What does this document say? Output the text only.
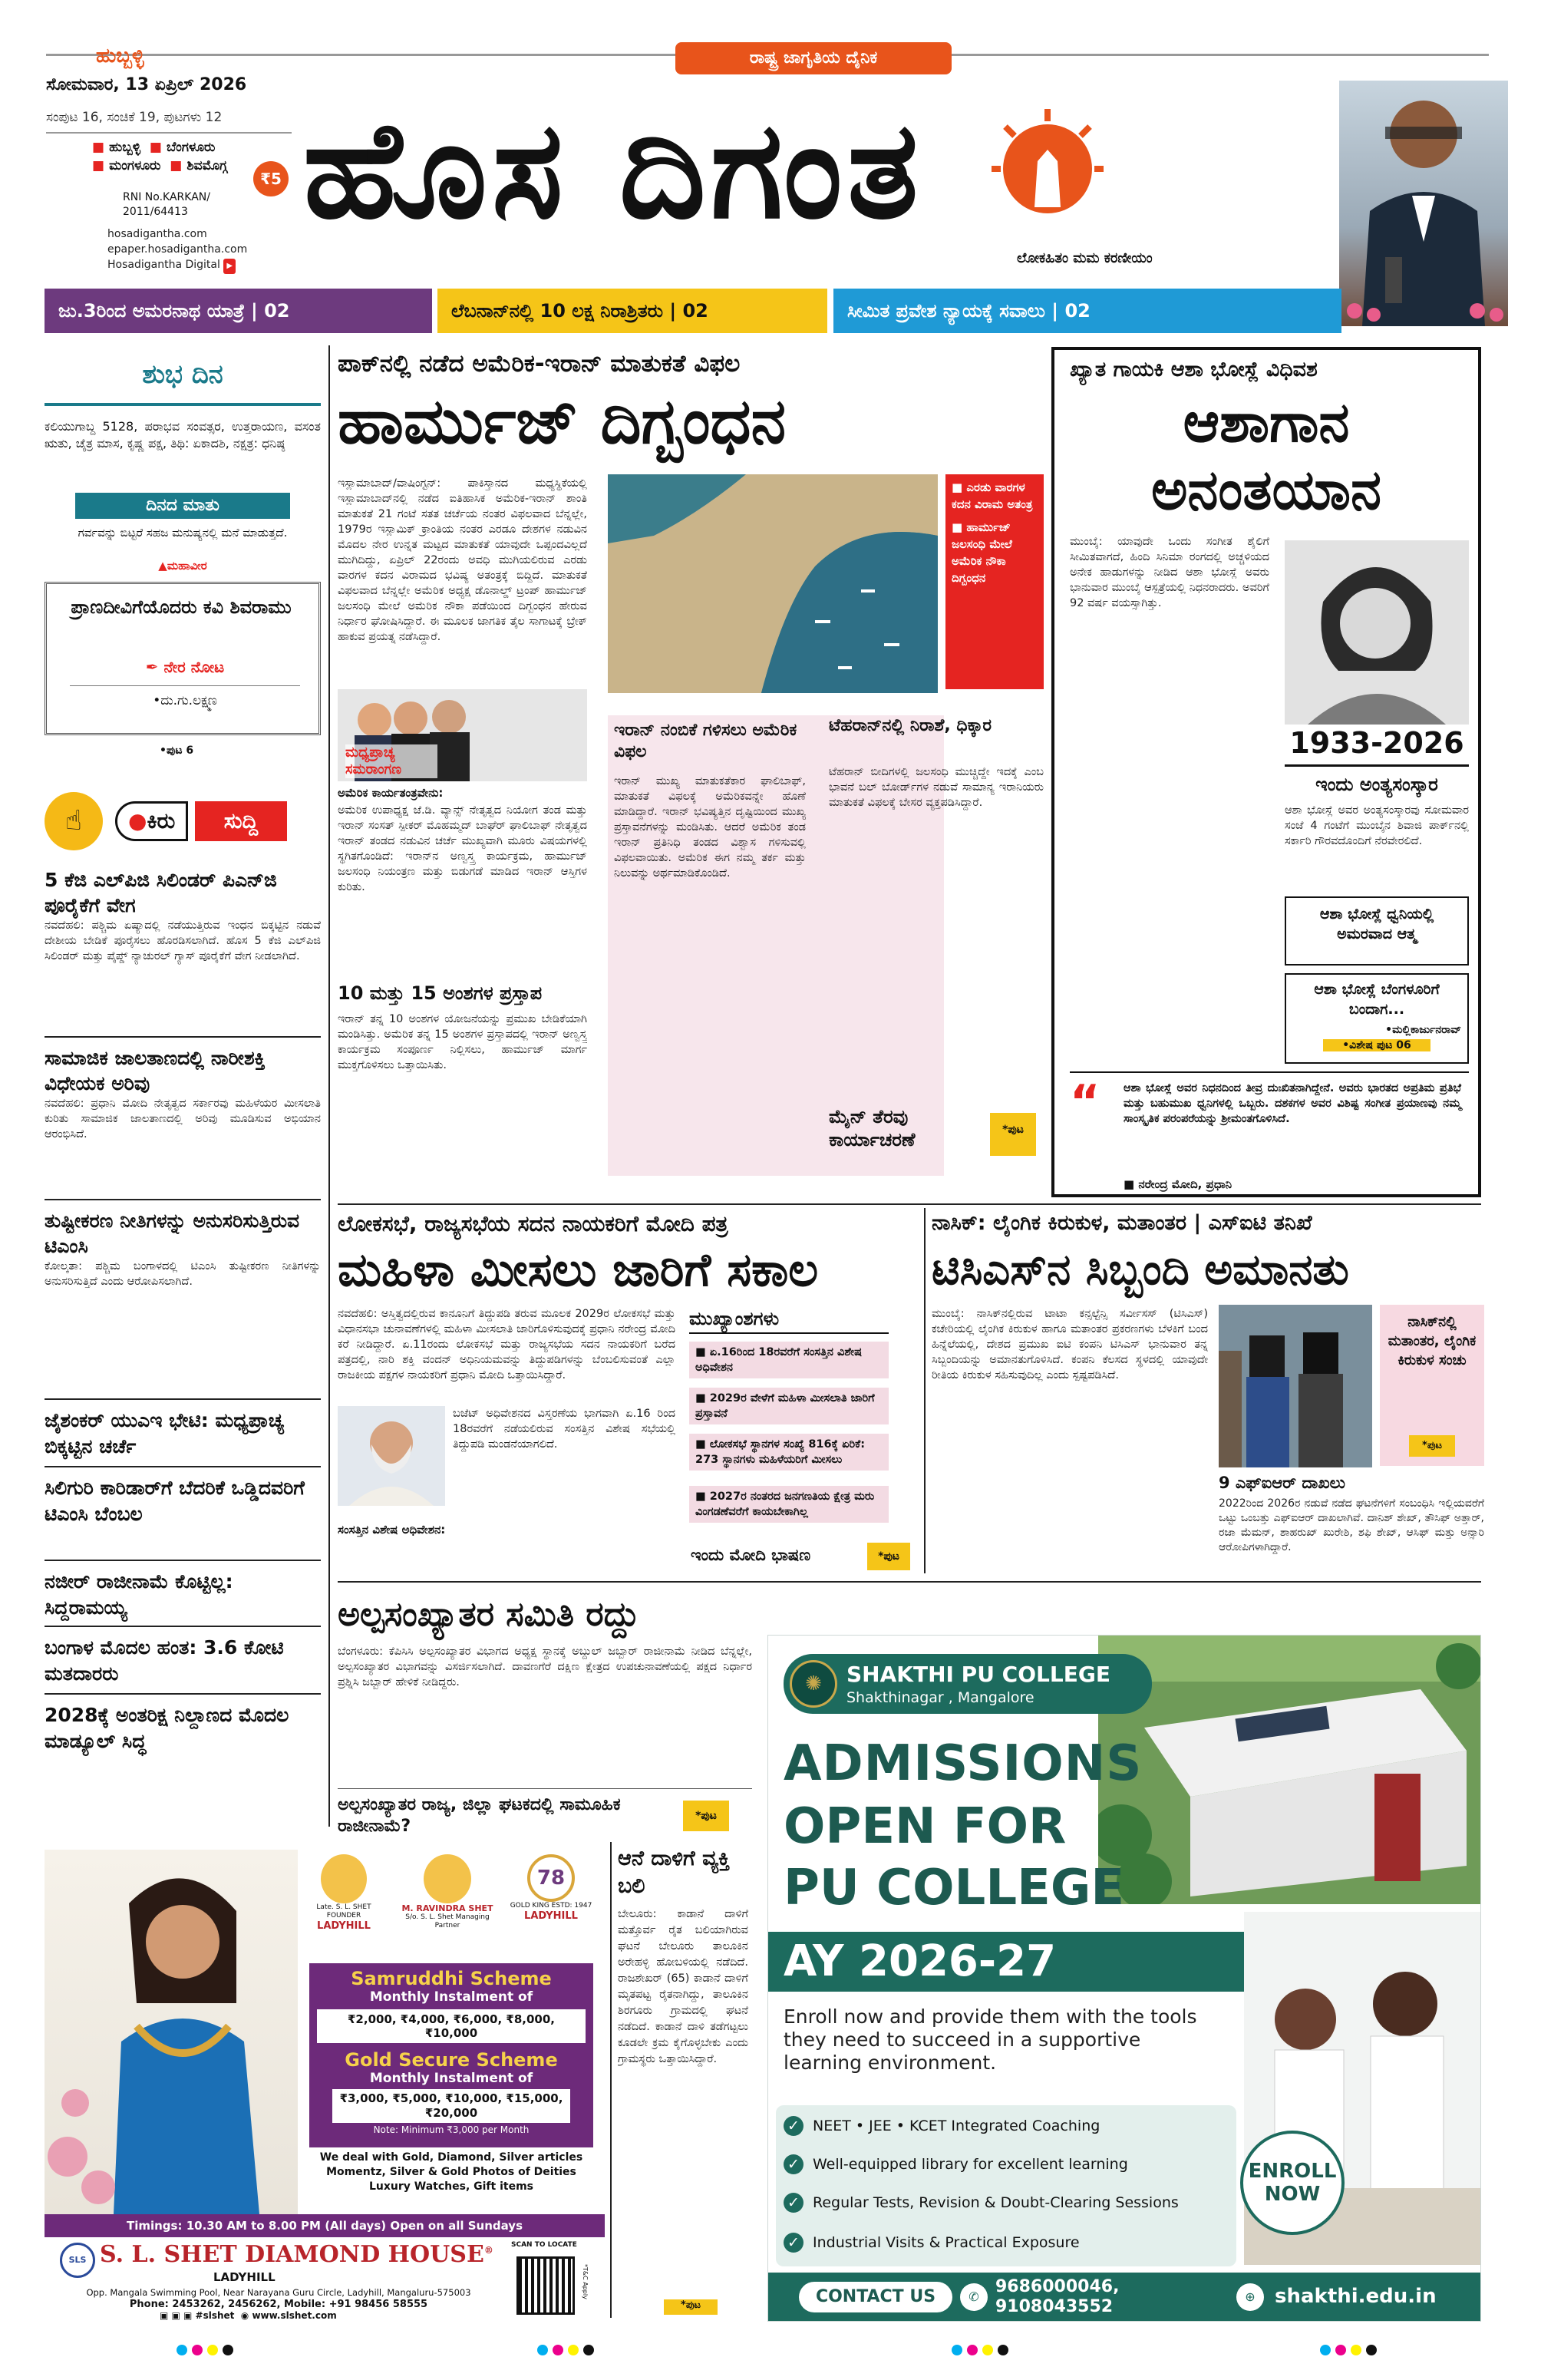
ರಾಷ್ಟ್ರ ಜಾಗೃತಿಯ ದೈನಿಕ
ಹುಬ್ಬಳ್ಳಿ
ಸೋಮವಾರ, 13 ಏಪ್ರಿಲ್ 2026
ಸಂಪುಟ 16, ಸಂಚಿಕೆ 19, ಪುಟಗಳು 12
■ ಹುಬ್ಬಳ್ಳಿ ■ ಬೆಂಗಳೂರು
■ ಮಂಗಳೂರು ■ ಶಿವಮೊಗ್ಗ
₹5
RNI No.KARKAN/ 2011/64413
hosadigantha.com
epaper.hosadigantha.com
Hosadigantha Digital ▶
ಹೊಸ ದಿಗಂತ
ಲೋಕಹಿತಂ ಮಮ ಕರಣೀಯಂ
ಜು.3ರಿಂದ ಅಮರನಾಥ ಯಾತ್ರೆ | 02	ಲೆಬನಾನ್‌ನಲ್ಲಿ 10 ಲಕ್ಷ ನಿರಾಶ್ರಿತರು | 02	ಸೀಮಿತ ಪ್ರವೇಶ ನ್ಯಾಯಕ್ಕೆ ಸವಾಲು | 02
ಶುಭ ದಿನ
ಕಲಿಯುಗಾಬ್ದ 5128, ಪರಾಭವ ಸಂವತ್ಸರ, ಉತ್ತರಾಯಣ, ವಸಂತ ಋತು, ಚೈತ್ರ ಮಾಸ, ಕೃಷ್ಣ ಪಕ್ಷ, ತಿಥಿ: ಏಕಾದಶಿ, ನಕ್ಷತ್ರ: ಧನಿಷ್ಠ
ದಿನದ ಮಾತು
ಗರ್ವವನ್ನು ಬಿಟ್ಟರೆ ಸಹಜ ಮನುಷ್ಯನಲ್ಲಿ ಮನೆ ಮಾಡುತ್ತದೆ.
▲ಮಹಾವೀರ
ಪ್ರಾಣದೀವಿಗೆಯೊದರು ಕವಿ ಶಿವರಾಮು
✒ ನೇರ ನೋಟ
•ದು.ಗು.ಲಕ್ಷ್ಮಣ
•ಪುಟ 6
☝	●ಕಿರು	ಸುದ್ದಿ
5 ಕೆಜಿ ಎಲ್‌ಪಿಜಿ ಸಿಲಿಂಡರ್ ಪಿಎನ್‌ಜಿ ಪೂರೈಕೆಗೆ ವೇಗ
ನವದೆಹಲಿ: ಪಶ್ಚಿಮ ಏಷ್ಯಾದಲ್ಲಿ ನಡೆಯುತ್ತಿರುವ ಇಂಧನ ಬಿಕ್ಕಟ್ಟಿನ ನಡುವೆ ದೇಶೀಯ ಬೇಡಿಕೆ ಪೂರೈಸಲು ಹೊರಡಿಸಲಾಗಿದೆ. ಹೊಸ 5 ಕೆಜಿ ಎಲ್‌ಪಿಜಿ ಸಿಲಿಂಡರ್ ಮತ್ತು ಪೈಪ್ಡ್ ನ್ಯಾಚುರಲ್ ಗ್ಯಾಸ್ ಪೂರೈಕೆಗೆ ವೇಗ ನೀಡಲಾಗಿದೆ.
ಸಾಮಾಜಿಕ ಜಾಲತಾಣದಲ್ಲಿ ನಾರೀಶಕ್ತಿ ವಿಧೇಯಕ ಅರಿವು
ನವದೆಹಲಿ: ಪ್ರಧಾನಿ ಮೋದಿ ನೇತೃತ್ವದ ಸರ್ಕಾರವು ಮಹಿಳೆಯರ ಮೀಸಲಾತಿ ಕುರಿತು ಸಾಮಾಜಿಕ ಜಾಲತಾಣದಲ್ಲಿ ಅರಿವು ಮೂಡಿಸುವ ಅಭಿಯಾನ ಆರಂಭಿಸಿದೆ.
ತುಷ್ಟೀಕರಣ ನೀತಿಗಳನ್ನು ಅನುಸರಿಸುತ್ತಿರುವ ಟಿಎಂಸಿ
ಕೋಲ್ಕತಾ: ಪಶ್ಚಿಮ ಬಂಗಾಳದಲ್ಲಿ ಟಿಎಂಸಿ ತುಷ್ಟೀಕರಣ ನೀತಿಗಳನ್ನು ಅನುಸರಿಸುತ್ತಿದೆ ಎಂದು ಆರೋಪಿಸಲಾಗಿದೆ.
ಜೈಶಂಕರ್ ಯುಎಇ ಭೇಟಿ: ಮಧ್ಯಪ್ರಾಚ್ಯ ಬಿಕ್ಕಟ್ಟಿನ ಚರ್ಚೆ
ಸಿಲಿಗುರಿ ಕಾರಿಡಾರ್‌ಗೆ ಬೆದರಿಕೆ ಒಡ್ಡಿದವರಿಗೆ ಟಿಎಂಸಿ ಬೆಂಬಲ
ನಜೀರ್ ರಾಜೀನಾಮೆ ಕೊಟ್ಟಿಲ್ಲ: ಸಿದ್ದರಾಮಯ್ಯ
ಬಂಗಾಳ ಮೊದಲ ಹಂತ: 3.6 ಕೋಟಿ ಮತದಾರರು
2028ಕ್ಕೆ ಅಂತರಿಕ್ಷ ನಿಲ್ದಾಣದ ಮೊದಲ ಮಾಡ್ಯೂಲ್ ಸಿದ್ಧ
ಪಾಕ್‌ನಲ್ಲಿ ನಡೆದ ಅಮೆರಿಕ-ಇರಾನ್ ಮಾತುಕತೆ ವಿಫಲ
ಹಾರ್ಮುಜ್ ದಿಗ್ಬಂಧನ
ಇಸ್ಲಾಮಾಬಾದ್/ವಾಷಿಂಗ್ಟನ್: ಪಾಕಿಸ್ತಾನದ ಮಧ್ಯಸ್ಥಿಕೆಯಲ್ಲಿ ಇಸ್ಲಾಮಾಬಾದ್‌ನಲ್ಲಿ ನಡೆದ ಐತಿಹಾಸಿಕ ಅಮೆರಿಕ-ಇರಾನ್ ಶಾಂತಿ ಮಾತುಕತೆ 21 ಗಂಟೆ ಸತತ ಚರ್ಚೆಯ ನಂತರ ವಿಫಲವಾದ ಬೆನ್ನಲ್ಲೇ, 1979ರ ಇಸ್ಲಾಮಿಕ್ ಕ್ರಾಂತಿಯ ನಂತರ ಎರಡೂ ದೇಶಗಳ ನಡುವಿನ ಮೊದಲ ನೇರ ಉನ್ನತ ಮಟ್ಟದ ಮಾತುಕತೆ ಯಾವುದೇ ಒಪ್ಪಂದವಿಲ್ಲದೆ ಮುಗಿದಿದ್ದು, ಏಪ್ರಿಲ್ 22ರಂದು ಅವಧಿ ಮುಗಿಯಲಿರುವ ಎರಡು ವಾರಗಳ ಕದನ ವಿರಾಮದ ಭವಿಷ್ಯ ಅತಂತ್ರಕ್ಕೆ ಬಿದ್ದಿದೆ. ಮಾತುಕತೆ ವಿಫಲವಾದ ಬೆನ್ನಲ್ಲೇ ಅಮೆರಿಕ ಅಧ್ಯಕ್ಷ ಡೊನಾಲ್ಡ್ ಟ್ರಂಪ್ ಹಾರ್ಮುಜ್ ಜಲಸಂಧಿ ಮೇಲೆ ಅಮೆರಿಕ ನೌಕಾ ಪಡೆಯಿಂದ ದಿಗ್ಬಂಧನ ಹೇರುವ ನಿರ್ಧಾರ ಘೋಷಿಸಿದ್ದಾರೆ. ಈ ಮೂಲಕ ಜಾಗತಿಕ ತೈಲ ಸಾಗಾಟಕ್ಕೆ ಬ್ರೇಕ್ ಹಾಕುವ ಪ್ರಯತ್ನ ನಡೆಸಿದ್ದಾರೆ.
ಮಧ್ಯಪ್ರಾಚ್ಯ ಸಮರಾಂಗಣ
ಅಮೆರಿಕ ಉಪಾಧ್ಯಕ್ಷ ಜೆ.ಡಿ. ವ್ಯಾನ್ಸ್ ನೇತೃತ್ವದ ನಿಯೋಗ ತಂಡ ಮತ್ತು ಇರಾನ್ ಸಂಸತ್ ಸ್ಪೀಕರ್ ಮೊಹಮ್ಮದ್ ಬಾಘೆರ್ ಘಾಲಿಬಾಫ್ ನೇತೃತ್ವದ ಇರಾನ್ ತಂಡದ ನಡುವಿನ ಚರ್ಚೆ ಮುಖ್ಯವಾಗಿ ಮೂರು ವಿಷಯಗಳಲ್ಲಿ ಸ್ಥಗಿತಗೊಂಡಿದೆ: ಇರಾನ್‌ನ ಅಣ್ವಸ್ತ್ರ ಕಾರ್ಯಕ್ರಮ, ಹಾರ್ಮುಜ್ ಜಲಸಂಧಿ ನಿಯಂತ್ರಣ ಮತ್ತು ಬಿಡುಗಡೆ ಮಾಡಿದ ಇರಾನ್ ಆಸ್ತಿಗಳ ಕುರಿತು.
ಅಮೆರಿಕ ಕಾರ್ಯತಂತ್ರವೇನು:
10 ಮತ್ತು 15 ಅಂಶಗಳ ಪ್ರಸ್ತಾಪ
ಇರಾನ್ ತನ್ನ 10 ಅಂಶಗಳ ಯೋಜನೆಯನ್ನು ಪ್ರಮುಖ ಬೇಡಿಕೆಯಾಗಿ ಮಂಡಿಸಿತ್ತು. ಅಮೆರಿಕ ತನ್ನ 15 ಅಂಶಗಳ ಪ್ರಸ್ತಾಪದಲ್ಲಿ ಇರಾನ್ ಅಣ್ವಸ್ತ್ರ ಕಾರ್ಯಕ್ರಮ ಸಂಪೂರ್ಣ ನಿಲ್ಲಿಸಲು, ಹಾರ್ಮುಜ್ ಮಾರ್ಗ ಮುಕ್ತಗೊಳಿಸಲು ಒತ್ತಾಯಿಸಿತು.
■ ಎರಡು ವಾರಗಳ ಕದನ ವಿರಾಮ ಅತಂತ್ರ
■ ಹಾರ್ಮುಜ್ ಜಲಸಂಧಿ ಮೇಲೆ ಅಮೆರಿಕ ನೌಕಾ ದಿಗ್ಬಂಧನ
ಇರಾನ್ ನಂಬಿಕೆ ಗಳಿಸಲು ಅಮೆರಿಕ ವಿಫಲ
ಇರಾನ್ ಮುಖ್ಯ ಮಾತುಕತೆಕಾರ ಘಾಲಿಬಾಫ್, ಮಾತುಕತೆ ವಿಫಲಕ್ಕೆ ಅಮೆರಿಕವನ್ನೇ ಹೊಣೆ ಮಾಡಿದ್ದಾರೆ. ಇರಾನ್ ಭವಿಷ್ಯತ್ತಿನ ದೃಷ್ಟಿಯಿಂದ ಮುಖ್ಯ ಪ್ರಸ್ತಾವನೆಗಳನ್ನು ಮಂಡಿಸಿತು. ಆದರೆ ಅಮೆರಿಕ ತಂಡ ಇರಾನ್ ಪ್ರತಿನಿಧಿ ತಂಡದ ವಿಶ್ವಾಸ ಗಳಿಸುವಲ್ಲಿ ವಿಫಲವಾಯಿತು. ಅಮೆರಿಕ ಈಗ ನಮ್ಮ ತರ್ಕ ಮತ್ತು ನಿಲುವನ್ನು ಅರ್ಥಮಾಡಿಕೊಂಡಿದೆ.
ಟೆಹರಾನ್‌ನಲ್ಲಿ ನಿರಾಶೆ, ಧಿಕ್ಕಾರ
ಟೆಹರಾನ್ ಬೀದಿಗಳಲ್ಲಿ ಜಲಸಂಧಿ ಮುಚ್ಚಿದ್ದೇ ಇದಕ್ಕೆ ಎಂಬ ಭಾವನೆ ಬಲ್ ಬೋರ್ಡ್‌ಗಳ ನಡುವೆ ಸಾಮಾನ್ಯ ಇರಾನಿಯರು ಮಾತುಕತೆ ವಿಫಲಕ್ಕೆ ಬೇಸರ ವ್ಯಕ್ತಪಡಿಸಿದ್ದಾರೆ.
ಮೈನ್ ತೆರವು ಕಾರ್ಯಾಚರಣೆ	*ಪುಟ
ಖ್ಯಾತ ಗಾಯಕಿ ಆಶಾ ಭೋಸ್ಲೆ ವಿಧಿವಶ
ಆಶಾಗಾನ
ಅನಂತಯಾನ
ಮುಂಬೈ: ಯಾವುದೇ ಒಂದು ಸಂಗೀತ ಶೈಲಿಗೆ ಸೀಮಿತವಾಗದೆ, ಹಿಂದಿ ಸಿನಿಮಾ ರಂಗದಲ್ಲಿ ಅಚ್ಚಳಿಯದ ಅನೇಕ ಹಾಡುಗಳನ್ನು ನೀಡಿದ ಆಶಾ ಭೋಸ್ಲೆ ಅವರು ಭಾನುವಾರ ಮುಂಬೈ ಆಸ್ಪತ್ರೆಯಲ್ಲಿ ನಿಧನರಾದರು. ಅವರಿಗೆ 92 ವರ್ಷ ವಯಸ್ಸಾಗಿತ್ತು.
1933-2026
ಇಂದು ಅಂತ್ಯಸಂಸ್ಕಾರ
ಆಶಾ ಭೋಸ್ಲೆ ಅವರ ಅಂತ್ಯಸಂಸ್ಕಾರವು ಸೋಮವಾರ ಸಂಜೆ 4 ಗಂಟೆಗೆ ಮುಂಬೈನ ಶಿವಾಜಿ ಪಾರ್ಕ್‌ನಲ್ಲಿ ಸರ್ಕಾರಿ ಗೌರವದೊಂದಿಗೆ ನೆರವೇರಲಿದೆ.
ಆಶಾ ಭೋಸ್ಲೆ ಧ್ವನಿಯಲ್ಲಿ ಅಮರವಾದ ಆತ್ಮ
ಆಶಾ ಭೋಸ್ಲೆ ಬೆಂಗಳೂರಿಗೆ ಬಂದಾಗ...
•ಮಲ್ಲಿಕಾರ್ಜುನರಾವ್
•ವಿಶೇಷ ಪುಟ 06
“	ಆಶಾ ಭೋಸ್ಲೆ ಅವರ ನಿಧನದಿಂದ ತೀವ್ರ ದುಃಖಿತನಾಗಿದ್ದೇನೆ. ಅವರು ಭಾರತದ ಅಪ್ರತಿಮ ಪ್ರತಿಭೆ ಮತ್ತು ಬಹುಮುಖ ಧ್ವನಿಗಳಲ್ಲಿ ಒಬ್ಬರು. ದಶಕಗಳ ಅವರ ವಿಶಿಷ್ಟ ಸಂಗೀತ ಪ್ರಯಾಣವು ನಮ್ಮ ಸಾಂಸ್ಕೃತಿಕ ಪರಂಪರೆಯನ್ನು ಶ್ರೀಮಂತಗೊಳಿಸಿದೆ.
■ ನರೇಂದ್ರ ಮೋದಿ, ಪ್ರಧಾನಿ
ಲೋಕಸಭೆ, ರಾಜ್ಯಸಭೆಯ ಸದನ ನಾಯಕರಿಗೆ ಮೋದಿ ಪತ್ರ
ಮಹಿಳಾ ಮೀಸಲು ಜಾರಿಗೆ ಸಕಾಲ
ನವದೆಹಲಿ: ಅಸ್ತಿತ್ವದಲ್ಲಿರುವ ಕಾನೂನಿಗೆ ತಿದ್ದುಪಡಿ ತರುವ ಮೂಲಕ 2029ರ ಲೋಕಸಭೆ ಮತ್ತು ವಿಧಾನಸಭಾ ಚುನಾವಣೆಗಳಲ್ಲಿ ಮಹಿಳಾ ಮೀಸಲಾತಿ ಜಾರಿಗೊಳಿಸುವುದಕ್ಕೆ ಪ್ರಧಾನಿ ನರೇಂದ್ರ ಮೋದಿ ಕರೆ ನೀಡಿದ್ದಾರೆ. ಏ.11ರಂದು ಲೋಕಸಭೆ ಮತ್ತು ರಾಜ್ಯಸಭೆಯ ಸದನ ನಾಯಕರಿಗೆ ಬರೆದ ಪತ್ರದಲ್ಲಿ, ನಾರಿ ಶಕ್ತಿ ವಂದನ್ ಅಧಿನಿಯಮವನ್ನು ತಿದ್ದುಪಡಿಗಳನ್ನು ಬೆಂಬಲಿಸುವಂತೆ ಎಲ್ಲಾ ರಾಜಕೀಯ ಪಕ್ಷಗಳ ನಾಯಕರಿಗೆ ಪ್ರಧಾನಿ ಮೋದಿ ಒತ್ತಾಯಿಸಿದ್ದಾರೆ.
ಬಜೆಟ್ ಅಧಿವೇಶನದ ವಿಸ್ತರಣೆಯ ಭಾಗವಾಗಿ ಏ.16 ರಿಂದ 18ರವರೆಗೆ ನಡೆಯಲಿರುವ ಸಂಸತ್ತಿನ ವಿಶೇಷ ಸಭೆಯಲ್ಲಿ ತಿದ್ದುಪಡಿ ಮಂಡನೆಯಾಗಲಿದೆ.
ಸಂಸತ್ತಿನ ವಿಶೇಷ ಅಧಿವೇಶನ:
ಮುಖ್ಯಾಂಶಗಳು
■ ಏ.16ರಿಂದ 18ರವರೆಗೆ ಸಂಸತ್ತಿನ ವಿಶೇಷ ಅಧಿವೇಶನ
■ 2029ರ ವೇಳೆಗೆ ಮಹಿಳಾ ಮೀಸಲಾತಿ ಜಾರಿಗೆ ಪ್ರಸ್ತಾವನೆ
■ ಲೋಕಸಭೆ ಸ್ಥಾನಗಳ ಸಂಖ್ಯೆ 816ಕ್ಕೆ ಏರಿಕೆ: 273 ಸ್ಥಾನಗಳು ಮಹಿಳೆಯರಿಗೆ ಮೀಸಲು
■ 2027ರ ನಂತರದ ಜನಗಣತಿಯ ಕ್ಷೇತ್ರ ಮರು ವಿಂಗಡಣೆವರೆಗೆ ಕಾಯಬೇಕಾಗಿಲ್ಲ
ಇಂದು ಮೋದಿ ಭಾಷಣ	*ಪುಟ
ನಾಸಿಕ್: ಲೈಂಗಿಕ ಕಿರುಕುಳ, ಮತಾಂತರ | ಎಸ್‌ಐಟಿ ತನಿಖೆ
ಟಿಸಿಎಸ್‌ನ ಸಿಬ್ಬಂದಿ ಅಮಾನತು
ಮುಂಬೈ: ನಾಸಿಕ್‌ನಲ್ಲಿರುವ ಟಾಟಾ ಕನ್ಸಲ್ಟೆನ್ಸಿ ಸರ್ವೀಸಸ್ (ಟಿಸಿಎಸ್) ಕಚೇರಿಯಲ್ಲಿ ಲೈಂಗಿಕ ಕಿರುಕುಳ ಹಾಗೂ ಮತಾಂತರ ಪ್ರಕರಣಗಳು ಬೆಳಕಿಗೆ ಬಂದ ಹಿನ್ನೆಲೆಯಲ್ಲಿ, ದೇಶದ ಪ್ರಮುಖ ಐಟಿ ಕಂಪನಿ ಟಿಸಿಎಸ್ ಭಾನುವಾರ ತನ್ನ ಸಿಬ್ಬಂದಿಯನ್ನು ಅಮಾನತುಗೊಳಿಸಿದೆ. ಕಂಪನಿ ಕೆಲಸದ ಸ್ಥಳದಲ್ಲಿ ಯಾವುದೇ ರೀತಿಯ ಕಿರುಕುಳ ಸಹಿಸುವುದಿಲ್ಲ ಎಂದು ಸ್ಪಷ್ಟಪಡಿಸಿದೆ.
ನಾಸಿಕ್‌ನಲ್ಲಿ ಮತಾಂತರ, ಲೈಂಗಿಕ ಕಿರುಕುಳ ಸಂಚು
*ಪುಟ
9 ಎಫ್‌ಐಆರ್ ದಾಖಲು
2022ರಿಂದ 2026ರ ನಡುವೆ ನಡೆದ ಘಟನೆಗಳಿಗೆ ಸಂಬಂಧಿಸಿ ಇಲ್ಲಿಯವರೆಗೆ ಒಟ್ಟು ಒಂಬತ್ತು ಎಫ್‌ಐಆರ್ ದಾಖಲಾಗಿವೆ. ದಾನಿಶ್ ಶೇಖ್, ತೌಸಿಫ್ ಅತ್ತಾರ್, ರಜಾ ಮೆಮನ್, ಶಾಹರುಖ್ ಖುರೇಶಿ, ಶಫಿ ಶೇಖ್, ಆಸಿಫ್ ಮತ್ತು ಅನ್ಸಾರಿ ಆರೋಪಿಗಳಾಗಿದ್ದಾರೆ.
ಅಲ್ಪಸಂಖ್ಯಾತರ ಸಮಿತಿ ರದ್ದು
ಬೆಂಗಳೂರು: ಕೆಪಿಸಿಸಿ ಅಲ್ಪಸಂಖ್ಯಾತರ ವಿಭಾಗದ ಅಧ್ಯಕ್ಷ ಸ್ಥಾನಕ್ಕೆ ಅಬ್ದುಲ್ ಜಬ್ಬಾರ್ ರಾಜೀನಾಮೆ ನೀಡಿದ ಬೆನ್ನಲ್ಲೇ, ಅಲ್ಪಸಂಖ್ಯಾತರ ವಿಭಾಗವನ್ನು ವಿಸರ್ಜಿಸಲಾಗಿದೆ. ದಾವಣಗೆರೆ ದಕ್ಷಿಣ ಕ್ಷೇತ್ರದ ಉಪಚುನಾವಣೆಯಲ್ಲಿ ಪಕ್ಷದ ನಿರ್ಧಾರ ಪ್ರಶ್ನಿಸಿ ಜಬ್ಬಾರ್ ಹೇಳಿಕೆ ನೀಡಿದ್ದರು.
ಅಲ್ಪಸಂಖ್ಯಾತರ ರಾಜ್ಯ, ಜಿಲ್ಲಾ ಘಟಕದಲ್ಲಿ ಸಾಮೂಹಿಕ ರಾಜೀನಾಮೆ?
*ಪುಟ
Late. S. L. SHET FOUNDER
LADYHILL
M. RAVINDRA SHET
S/o. S. L. Shet Managing Partner
78
GOLD KING ESTD: 1947
LADYHILL
Samruddhi Scheme
Monthly Instalment of
₹2,000, ₹4,000, ₹6,000, ₹8,000, ₹10,000
Gold Secure Scheme
Monthly Instalment of
₹3,000, ₹5,000, ₹10,000, ₹15,000, ₹20,000
Note: Minimum ₹3,000 per Month
We deal with Gold, Diamond, Silver articles Momentz, Silver & Gold Photos of Deities Luxury Watches, Gift items
Timings: 10.30 AM to 8.00 PM (All days) Open on all Sundays
SLS S. L. SHET DIAMOND HOUSE®
LADYHILL
Opp. Mangala Swimming Pool, Near Narayana Guru Circle, Ladyhill, Mangaluru-575003
Phone: 2453262, 2456262, Mobile: +91 98456 58555
▣ ▣ ▣ #slshet  ◉ www.slshet.com
SCAN TO LOCATE
*T&C Apply
ಆನೆ ದಾಳಿಗೆ ವ್ಯಕ್ತಿ ಬಲಿ
ಬೇಲೂರು: ಕಾಡಾನೆ ದಾಳಿಗೆ ಮತ್ತೊರ್ವ ರೈತ ಬಲಿಯಾಗಿರುವ ಘಟನೆ ಬೇಲೂರು ತಾಲೂಕಿನ ಅರೇಹಳ್ಳಿ ಹೋಬಳಿಯಲ್ಲಿ ನಡೆದಿದೆ. ರಾಜಶೇಖರ್ (65) ಕಾಡಾನೆ ದಾಳಿಗೆ ಮೃತಪಟ್ಟ ರೈತನಾಗಿದ್ದು, ತಾಲೂಕಿನ ಶಿರಗೂರು ಗ್ರಾಮದಲ್ಲಿ ಘಟನೆ ನಡೆದಿದೆ. ಕಾಡಾನೆ ದಾಳಿ ತಡೆಗಟ್ಟಲು ಕೂಡಲೇ ಕ್ರಮ ಕೈಗೊಳ್ಳಬೇಕು ಎಂದು ಗ್ರಾಮಸ್ಥರು ಒತ್ತಾಯಿಸಿದ್ದಾರೆ.
*ಪುಟ
✺	SHAKTHI PU COLLEGE
Shakthinagar , Mangalore
ADMISSIONS
OPEN FOR
PU COLLEGE
AY 2026-27
Enroll now and provide them with the tools they need to succeed in a supportive learning environment.
✓ NEET • JEE • KCET Integrated Coaching
✓ Well-equipped library for excellent learning
✓ Regular Tests, Revision & Doubt-Clearing Sessions
✓ Industrial Visits & Practical Exposure
ENROLL
NOW
CONTACT US	✆
9686000046, 9108043552
⊕ shakthi.edu.in
